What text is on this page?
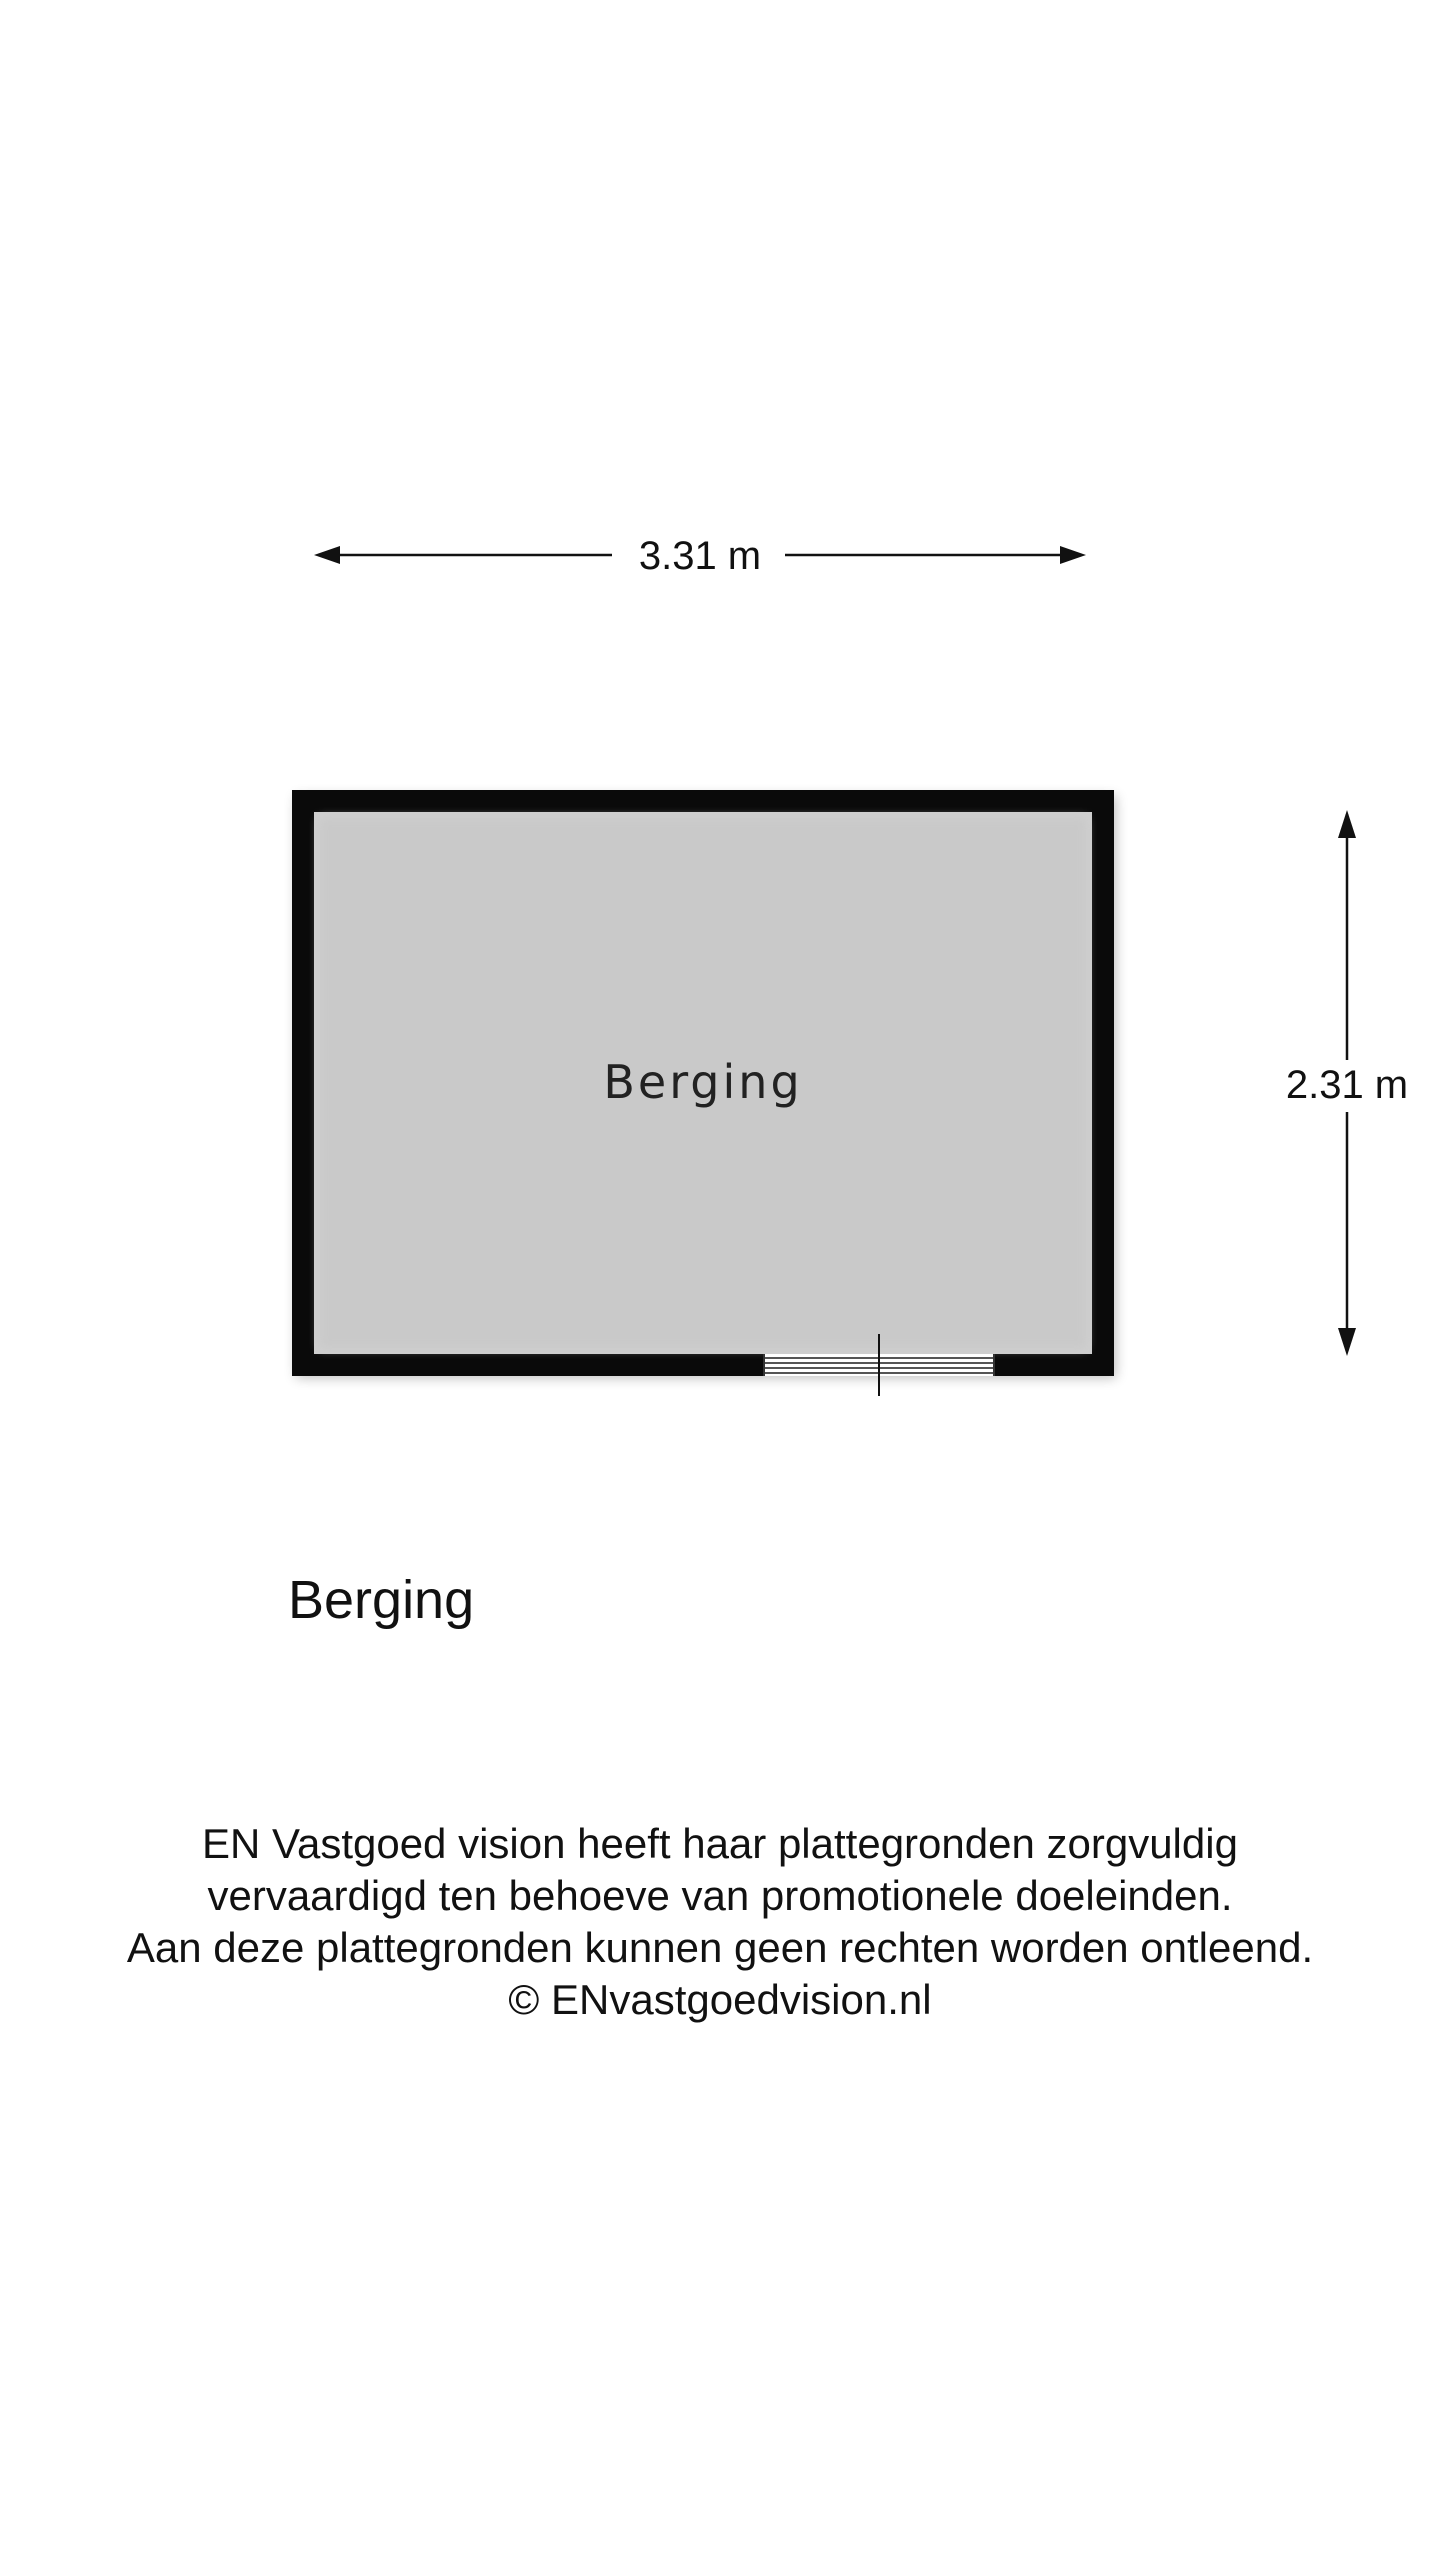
3.31 m
2.31 m
Berging
Berging
EN Vastgoed vision heeft haar plattegronden zorgvuldig
vervaardigd ten behoeve van promotionele doeleinden.
Aan deze plattegronden kunnen geen rechten worden ontleend.
© ENvastgoedvision.nl
